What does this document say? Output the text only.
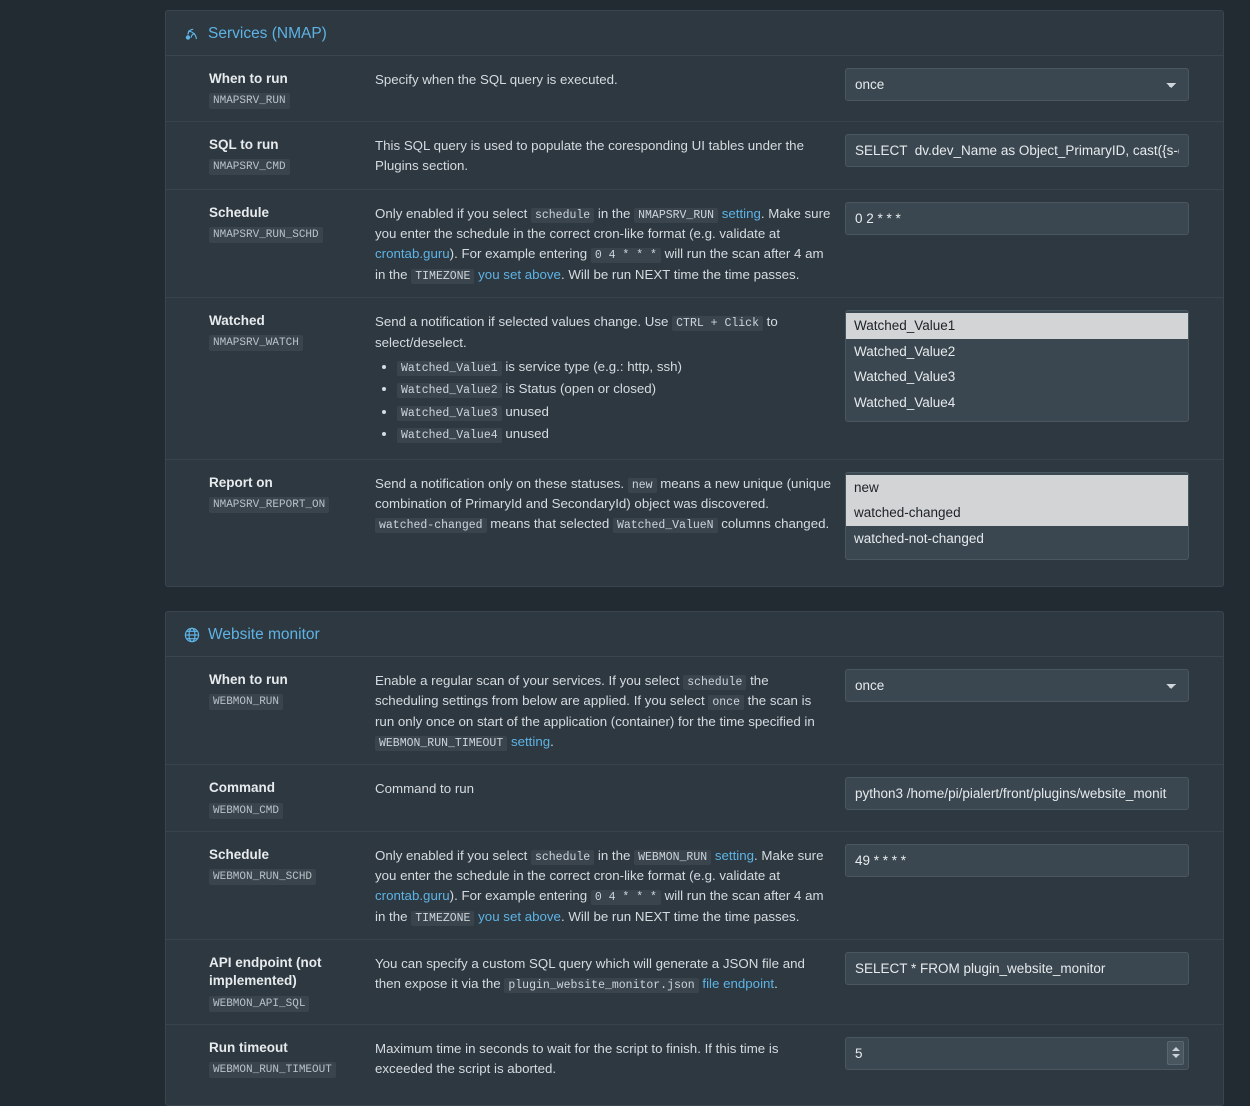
Services (NMAP)
When to run
NMAPSRV_RUN
Specify when the SQL query is executed.
once
SQL to run
NMAPSRV_CMD
This SQL query is used to populate the coresponding UI tables under the Plugins section.
SELECT dv.dev_Name as Object_PrimaryID, cast({s-quo
Schedule
NMAPSRV_RUN_SCHD
Only enabled if you select schedule in the NMAPSRV_RUN setting. Make sure you enter the schedule in the correct cron-like format (e.g. validate at crontab.guru). For example entering 0 4 * * * will run the scan after 4 am in the TIMEZONE you set above. Will be run NEXT time the time passes.
0 2 * * *
Watched
NMAPSRV_WATCH
Send a notification if selected values change. Use CTRL + Click to select/deselect.
• Watched_Value1 is service type (e.g.: http, ssh)
• Watched_Value2 is Status (open or closed)
• Watched_Value3 unused
• Watched_Value4 unused
Watched_Value1
Watched_Value2
Watched_Value3
Watched_Value4
Report on
NMAPSRV_REPORT_ON
Send a notification only on these statuses. new means a new unique (unique combination of PrimaryId and SecondaryId) object was discovered. watched-changed means that selected Watched_ValueN columns changed.
new
watched-changed
watched-not-changed
Website monitor
When to run
WEBMON_RUN
Enable a regular scan of your services. If you select schedule the scheduling settings from below are applied. If you select once the scan is run only once on start of the application (container) for the time specified in WEBMON_RUN_TIMEOUT setting.
once
Command
WEBMON_CMD
Command to run
python3 /home/pi/pialert/front/plugins/website_monit
Schedule
WEBMON_RUN_SCHD
Only enabled if you select schedule in the WEBMON_RUN setting. Make sure you enter the schedule in the correct cron-like format (e.g. validate at crontab.guru). For example entering 0 4 * * * will run the scan after 4 am in the TIMEZONE you set above. Will be run NEXT time the time passes.
49 * * * *
API endpoint (not implemented)
WEBMON_API_SQL
You can specify a custom SQL query which will generate a JSON file and then expose it via the plugin_website_monitor.json file endpoint.
SELECT * FROM plugin_website_monitor
Run timeout
WEBMON_RUN_TIMEOUT
Maximum time in seconds to wait for the script to finish. If this time is exceeded the script is aborted.
5
